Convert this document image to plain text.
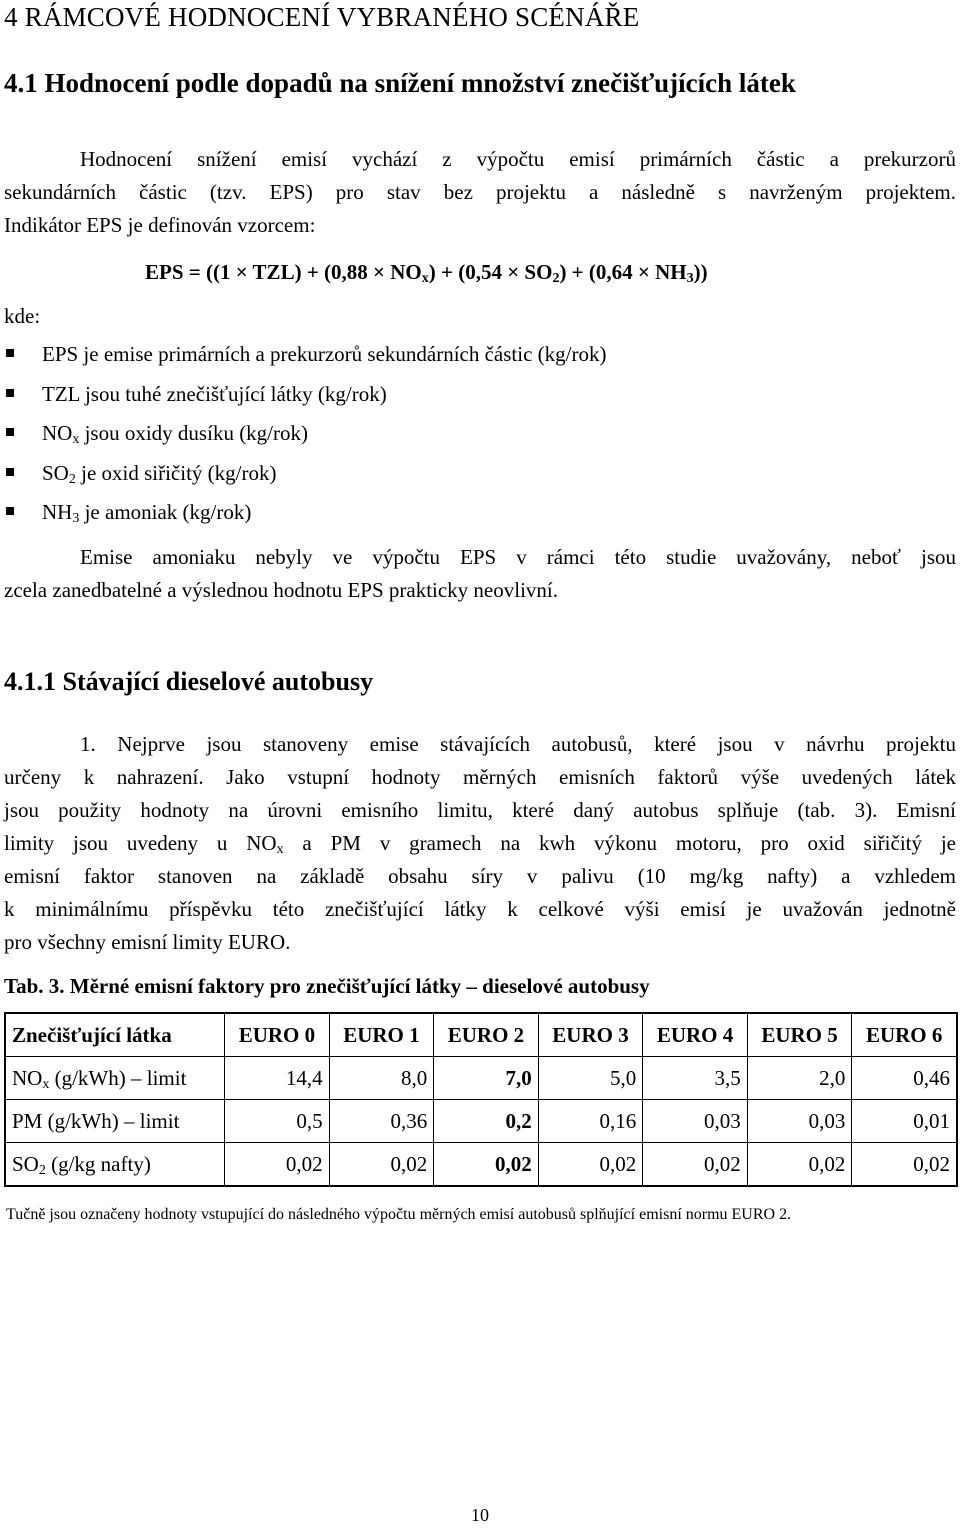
4 RÁMCOVÉ HODNOCENÍ VYBRANÉHO SCÉNÁŘE
4.1 Hodnocení podle dopadů na snížení množství znečišťujících látek
Hodnocení snížení emisí vychází z výpočtu emisí primárních částic a prekurzorů
sekundárních částic (tzv. EPS) pro stav bez projektu a následně s navrženým projektem.
Indikátor EPS je definován vzorcem:
EPS = $((1 \times TZL) + (0,88 \times NO_x) + (0,54 \times SO_2) + (0,64 \times NH_3))$
kde:
EPS je emise primárních a prekurzorů sekundárních částic (kg/rok)
TZL jsou tuhé znečišťující látky (kg/rok)
$NO_x$ jsou oxidy dusíku (kg/rok)
$SO_2$ je oxid siřičitý (kg/rok)
$NH_3$ je amoniak (kg/rok)
Emise amoniaku nebyly ve výpočtu EPS v rámci této studie uvažovány, neboť jsou
zcela zanedbatelné a výslednou hodnotu EPS prakticky neovlivní.
4.1.1 Stávající dieselové autobusy
1. Nejprve jsou stanoveny emise stávajících autobusů, které jsou v návrhu projektu
určeny k nahrazení. Jako vstupní hodnoty měrných emisních faktorů výše uvedených látek
jsou použity hodnoty na úrovni emisního limitu, které daný autobus splňuje (tab. 3). Emisní
limity jsou uvedeny u $NO_x$ a PM v gramech na kwh výkonu motoru, pro oxid siřičitý je
emisní faktor stanoven na základě obsahu síry v palivu (10 mg/kg nafty) a vzhledem
k minimálnímu příspěvku této znečišťující látky k celkové výši emisí je uvažován jednotně
pro všechny emisní limity EURO.
Tab. 3. Měrné emisní faktory pro znečišťující látky – dieselové autobusy
Znečišťující látka	EURO 0	EURO 1	EURO 2	EURO 3	EURO 4	EURO 5	EURO 6
$NO_x$ (g/kWh) – limit	14,4	8,0	7,0	5,0	3,5	2,0	0,46
PM (g/kWh) – limit	0,5	0,36	0,2	0,16	0,03	0,03	0,01
$SO_2$ (g/kg nafty)	0,02	0,02	0,02	0,02	0,02	0,02	0,02
Tučně jsou označeny hodnoty vstupující do následného výpočtu měrných emisí autobusů splňující emisní normu EURO 2.
10
